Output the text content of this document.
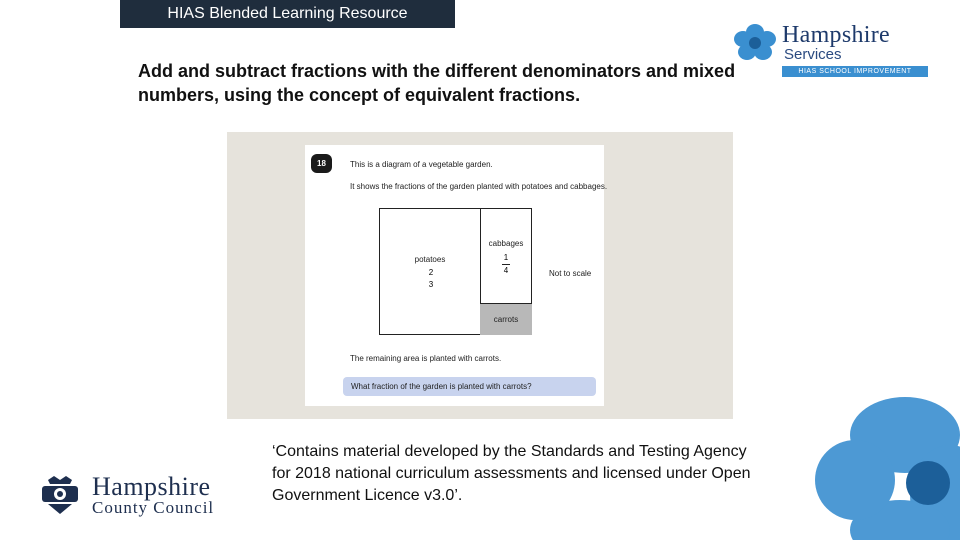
HIAS Blended Learning Resource
Add and subtract fractions with the different denominators and mixed numbers, using the concept of equivalent fractions.
Hampshire
Services
HIAS SCHOOL IMPROVEMENT
18	This is a diagram of a vegetable garden.
It shows the fractions of the garden planted with potatoes and cabbages.
potatoes
2
3
cabbages
1
4
carrots
Not to scale
The remaining area is planted with carrots.
What fraction of the garden is planted with carrots?
‘Contains material developed by the Standards and Testing Agency for 2018 national curriculum assessments and licensed under Open Government Licence v3.0’.
Hampshire
County Council
